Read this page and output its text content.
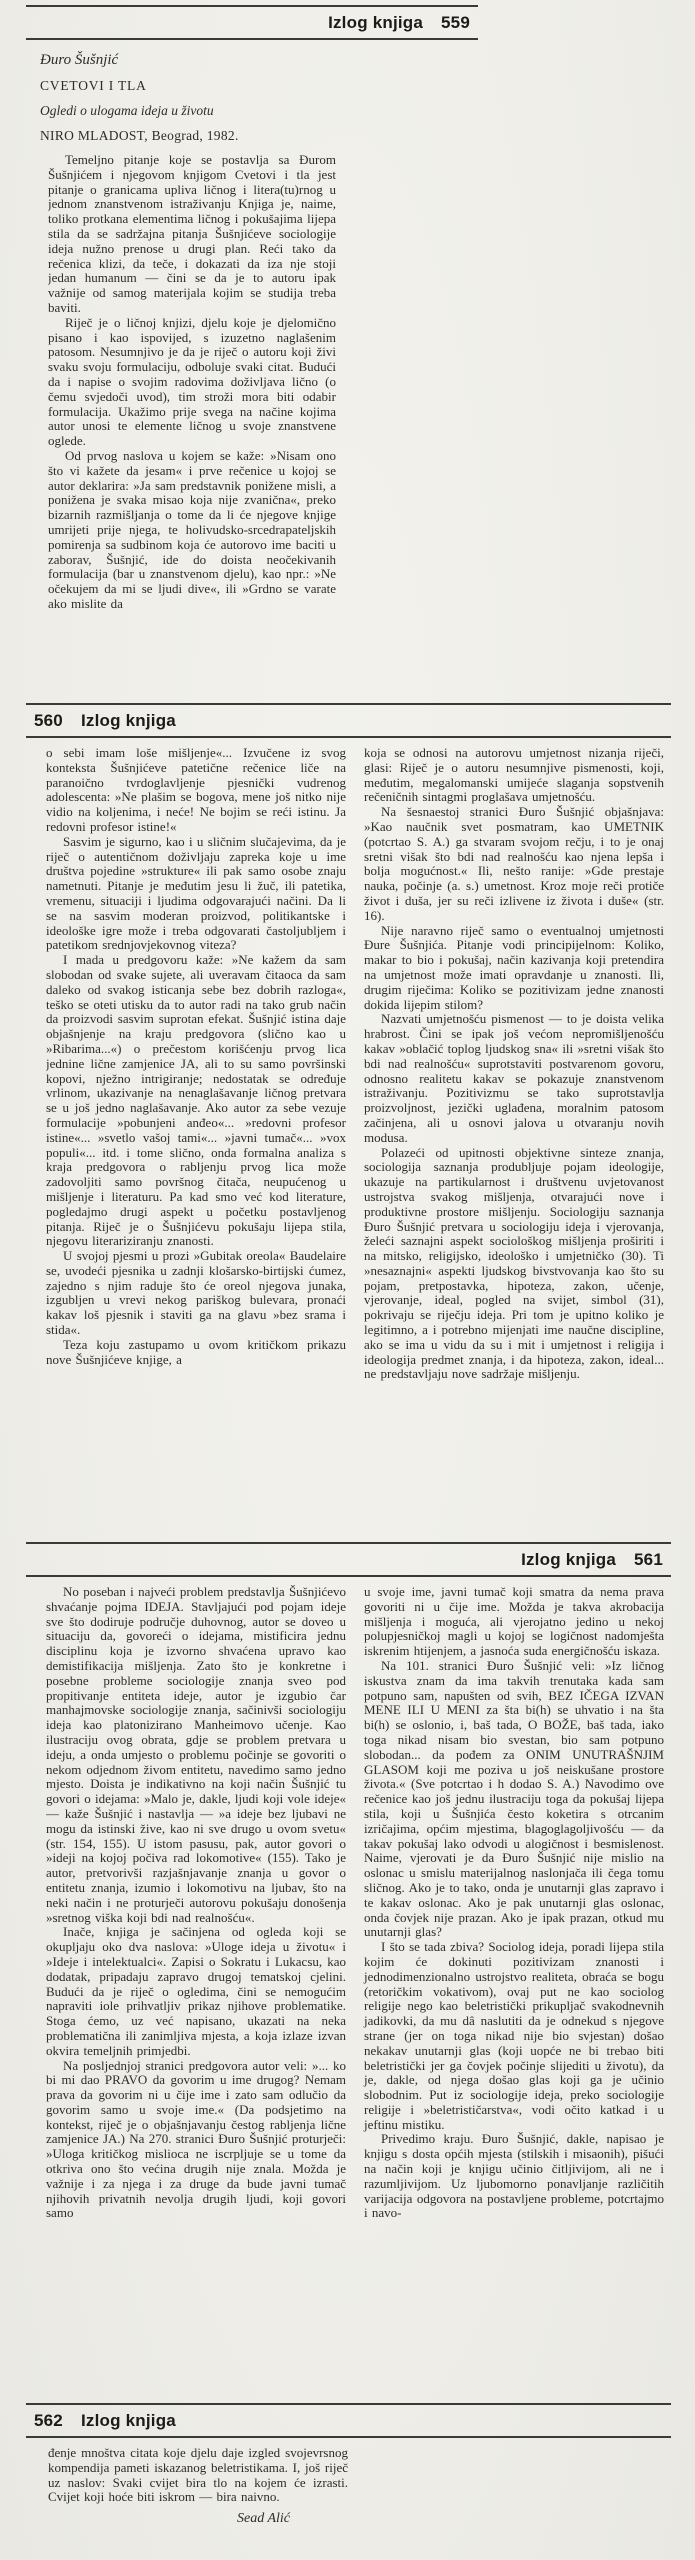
Izlog knjiga 559
Đuro Šušnjić
CVETOVI I TLA
Ogledi o ulogama ideja u životu
NIRO MLADOST, Beograd, 1982.

Temeljno pitanje koje se postavlja sa Đurom Šušnjićem i njegovom knjigom Cvetovi i tla jest pitanje o granicama upliva ličnog i litera(tu)rnog u jednom znanstvenom istraživanju Knjiga je, naime, toliko protkana elementima ličnog i pokušajima lijepa stila da se sadržajna pitanja Šušnjićeve sociologije ideja nužno prenose u drugi plan. Reći tako da rečenica klizi, da teče, i dokazati da iza nje stoji jedan humanum — čini se da je to autoru ipak važnije od samog materijala kojim se studija treba baviti.

Riječ je o ličnoj knjizi, djelu koje je djelomično pisano i kao ispovijed, s izuzetno naglašenim patosom. Nesumnjivo je da je riječ o autoru koji živi svaku svoju formulaciju, odboluje svaki citat. Budući da i napise o svojim radovima doživljava lično (o čemu svjedoči uvod), tim stroži mora biti odabir formulacija. Ukažimo prije svega na načine kojima autor unosi te elemente ličnog u svoje znanstvene oglede.

Od prvog naslova u kojem se kaže: »Nisam ono što vi kažete da jesam« i prve rečenice u kojoj se autor deklarira: »Ja sam predstavnik ponižene misli, a ponižena je svaka misao koja nije zvanična«, preko bizarnih razmišljanja o tome da li će njegove knjige umrijeti prije njega, te holivudsko-srcedrapateljskih pomirenja sa sudbinom koja će autorovo ime baciti u zaborav, Šušnjić, ide do doista neočekivanih formulacija (bar u znanstvenom djelu), kao npr.: »Ne očekujem da mi se ljudi dive«, ili »Grdno se varate ako mislite da

560 Izlog knjiga

o sebi imam loše mišljenje«... Izvučene iz svog konteksta Šušnjićeve patetične rečenice liče na paranoično tvrdoglavljenje pjesnički vudrenog adolescenta: »Ne plašim se bogova, mene još nitko nije vidio na koljenima, i neće! Ne bojim se reći istinu. Ja redovni profesor istine!«

Sasvim je sigurno, kao i u sličnim slučajevima, da je riječ o autentičnom doživljaju zapreka koje u ime društva pojedine »strukture« ili pak samo osobe znaju nametnuti. Pitanje je međutim jesu li žuč, ili patetika, vremenu, situaciji i ljudima odgovarajući načini. Da li se na sasvim moderan proizvod, politikantske i ideološke igre može i treba odgovarati častoljubljem i patetikom srednjovjekovnog viteza?

I mada u predgovoru kaže: »Ne kažem da sam slobodan od svake sujete, ali uveravam čitaoca da sam daleko od svakog isticanja sebe bez dobrih razloga«, teško se oteti utisku da to autor radi na tako grub način da proizvodi sasvim suprotan efekat. Šušnjić istina daje objašnjenje na kraju predgovora (slično kao u »Ribarima...«) o prečestom korišćenju prvog lica jednine lične zamjenice JA, ali to su samo površinski kopovi, nježno intrigiranje; nedostatak se određuje vrlinom, ukazivanje na nenaglašavanje ličnog pretvara se u još jedno naglašavanje. Ako autor za sebe vezuje formulacije »pobunjeni anđeo«... »redovni profesor istine«... »svetlo vašoj tami«... »javni tumač«... »vox populi«... itd. i tome slično, onda formalna analiza s kraja predgovora o rabljenju prvog lica može zadovoljiti samo površnog čitača, neupućenog u mišljenje i literaturu. Pa kad smo već kod literature, pogledajmo drugi aspekt u početku postavljenog pitanja. Riječ je o Šušnjićevu pokušaju lijepa stila, njegovu literariziranju znanosti.

U svojoj pjesmi u prozi »Gubitak oreola« Baudelaire se, uvodeći pjesnika u zadnji klošarsko-birtijski ćumez, zajedno s njim raduje što će oreol njegova junaka, izgubljen u vrevi nekog pariškog bulevara, pronaći kakav loš pjesnik i staviti ga na glavu »bez srama i stida«.

Teza koju zastupamo u ovom kritičkom prikazu nove Šušnjićeve knjige, a

koja se odnosi na autorovu umjetnost nizanja riječi, glasi: Riječ je o autoru nesumnjive pismenosti, koji, međutim, megalomanski umijeće slaganja sopstvenih rečeničnih sintagmi proglašava umjetnošću.

Na šesnaestoj stranici Đuro Šušnjić objašnjava: »Kao naučnik svet posmatram, kao UMETNIK (potcrtao S. A.) ga stvaram svojom rečju, i to je onaj sretni višak što bdi nad realnošću kao njena lepša i bolja mogućnost.« Ili, nešto ranije: »Gde prestaje nauka, počinje (a. s.) umetnost. Kroz moje reči protiče život i duša, jer su reči izlivene iz života i duše« (str. 16).

Nije naravno riječ samo o eventualnoj umjetnosti Đure Šušnjića. Pitanje vodi principijelnom: Koliko, makar to bio i pokušaj, način kazivanja koji pretendira na umjetnost može imati opravdanje u znanosti. Ili, drugim riječima: Koliko se pozitivizam jedne znanosti dokida lijepim stilom?

Nazvati umjetnošću pismenost — to je doista velika hrabrost. Čini se ipak još većom nepromišljenošću kakav »oblačić toplog ljudskog sna« ili »sretni višak što bdi nad realnošću« suprotstaviti postvarenom govoru, odnosno realitetu kakav se pokazuje znanstvenom istraživanju. Pozitivizmu se tako suprotstavlja proizvoljnost, jezički uglađena, moralnim patosom začinjena, ali u osnovi jalova u otvaranju novih modusa.

Polazeći od upitnosti objektivne sinteze znanja, sociologija saznanja produbljuje pojam ideologije, ukazuje na partikularnost i društvenu uvjetovanost ustrojstva svakog mišljenja, otvarajući nove i produktivne prostore mišljenju. Sociologiju saznanja Đuro Šušnjić pretvara u sociologiju ideja i vjerovanja, želeći saznajni aspekt sociološkog mišljenja proširiti i na mitsko, religijsko, ideološko i umjetničko (30). Ti »nesaznajni« aspekti ljudskog bivstvovanja kao što su pojam, pretpostavka, hipoteza, zakon, učenje, vjerovanje, ideal, pogled na svijet, simbol (31), pokrivaju se riječju ideja. Pri tom je upitno koliko je legitimno, a i potrebno mijenjati ime naučne discipline, ako se ima u vidu da su i mit i umjetnost i religija i ideologija predmet znanja, i da hipoteza, zakon, ideal... ne predstavljaju nove sadržaje mišljenju.

Izlog knjiga 561

No poseban i najveći problem predstavlja Šušnjićevo shvaćanje pojma IDEJA. Stavljajući pod pojam ideje sve što dodiruje područje duhovnog, autor se doveo u situaciju da, govoreći o idejama, mistificira jednu disciplinu koja je izvorno shvaćena upravo kao demistifikacija mišljenja. Zato što je konkretne i posebne probleme sociologije znanja sveo pod propitivanje entiteta ideje, autor je izgubio čar manhajmovske sociologije znanja, sačinivši sociologiju ideja kao platonizirano Manheimovo učenje. Kao ilustraciju ovog obrata, gdje se problem pretvara u ideju, a onda umjesto o problemu počinje se govoriti o nekom odjednom živom entitetu, navedimo samo jedno mjesto. Doista je indikativno na koji način Šušnjić tu govori o idejama: »Malo je, dakle, ljudi koji vole ideje« — kaže Šušnjić i nastavlja — »a ideje bez ljubavi ne mogu da istinski žive, kao ni sve drugo u ovom svetu« (str. 154, 155). U istom pasusu, pak, autor govori o »ideji na kojoj počiva rad lokomotive« (155). Tako je autor, pretvorivši razjašnjavanje znanja u govor o entitetu znanja, izumio i lokomotivu na ljubav, što na neki način i ne proturječi autorovu pokušaju donošenja »sretnog viška koji bdi nad realnošću«.

Inače, knjiga je sačinjena od ogleda koji se okupljaju oko dva naslova: »Uloge ideja u životu« i »Ideje i intelektualci«. Zapisi o Sokratu i Lukacsu, kao dodatak, pripadaju zapravo drugoj tematskoj cjelini. Budući da je riječ o ogledima, čini se nemogućim napraviti iole prihvatljiv prikaz njihove problematike. Stoga ćemo, uz već napisano, ukazati na neka problematična ili zanimljiva mjesta, a koja izlaze izvan okvira temeljnih primjedbi.

Na posljednjoj stranici predgovora autor veli: »... ko bi mi dao PRAVO da govorim u ime drugog? Nemam prava da govorim ni u čije ime i zato sam odlučio da govorim samo u svoje ime.« (Da podsjetimo na kontekst, riječ je o objašnjavanju čestog rabljenja lične zamjenice JA.) Na 270. stranici Đuro Šušnjić proturječi: »Uloga kritičkog mislioca ne iscrpljuje se u tome da otkriva ono što većina drugih nije znala. Možda je važnije i za njega i za druge da bude javni tumač njihovih privatnih nevolja drugih ljudi, koji govori samo

u svoje ime, javni tumač koji smatra da nema prava govoriti ni u čije ime. Možda je takva akrobacija mišljenja i moguća, ali vjerojatno jedino u nekoj polupjesničkoj magli u kojoj se logičnost nadomješta iskrenim htijenjem, a jasnoća suda energičnošću iskaza.

Na 101. stranici Đuro Šušnjić veli: »Iz ličnog iskustva znam da ima takvih trenutaka kada sam potpuno sam, napušten od svih, BEZ IČEGA IZVAN MENE ILI U MENI za šta bi(h) se uhvatio i na šta bi(h) se oslonio, i, baš tada, O BOŽE, baš tada, iako toga nikad nisam bio svestan, bio sam potpuno slobodan... da pođem za ONIM UNUTRAŠNJIM GLASOM koji me poziva u još neiskušane prostore života.« (Sve potcrtao i h dodao S. A.) Navodimo ove rečenice kao još jednu ilustraciju toga da pokušaj lijepa stila, koji u Šušnjića često koketira s otrcanim izričajima, općim mjestima, blagoglagoljivošću — da takav pokušaj lako odvodi u alogičnost i besmislenost. Naime, vjerovati je da Đuro Šušnjić nije mislio na oslonac u smislu materijalnog naslonjača ili čega tomu sličnog. Ako je to tako, onda je unutarnji glas zapravo i te kakav oslonac. Ako je pak unutarnji glas oslonac, onda čovjek nije prazan. Ako je ipak prazan, otkud mu unutarnji glas?

I što se tada zbiva? Sociolog ideja, poradi lijepa stila kojim će dokinuti pozitivizam znanosti i jednodimenzionalno ustrojstvo realiteta, obraća se bogu (retoričkim vokativom), ovaj put ne kao sociolog religije nego kao beletristički prikupljač svakodnevnih jadikovki, da mu dâ naslutiti da je odnekud s njegove strane (jer on toga nikad nije bio svjestan) došao nekakav unutarnji glas (koji uopće ne bi trebao biti beletristički jer ga čovjek počinje slijediti u životu), da je, dakle, od njega došao glas koji ga je učinio slobodnim. Put iz sociologije ideja, preko sociologije religije i »beletrističarstva«, vodi očito katkad i u jeftinu mistiku.

Privedimo kraju. Đuro Šušnjić, dakle, napisao je knjigu s dosta općih mjesta (stilskih i misaonih), pišući na način koji je knjigu učinio čitljivijom, ali ne i razumljivijom. Uz ljubomorno ponavljanje različitih varijacija odgovora na postavljene probleme, potcrtajmo i navo-

562 Izlog knjiga

đenje mnoštva citata koje djelu daje izgled svojevrsnog kompendija pameti iskazanog beletristikama. I, još riječ uz naslov: Svaki cvijet bira tlo na kojem će izrasti. Cvijet koji hoće biti iskrom — bira naivno.

Sead Alić
